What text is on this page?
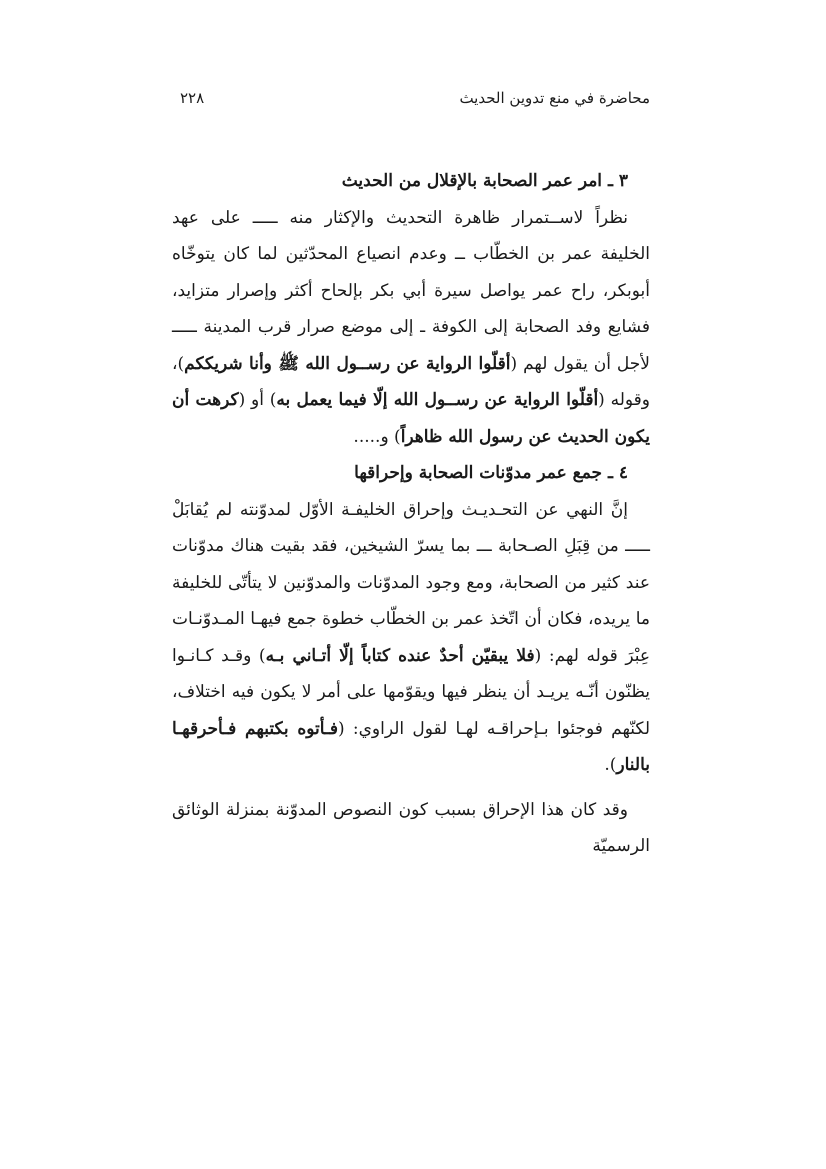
محاضرة في منع تدوين الحديث
٢٢٨
٣ ـ امر عمر الصحابة بالإقلال من الحديث

نظراً لاســتمرار ظاهرة التحديث والإكثار منه ـــــ على عهد الخليفة عمر بن الخطّاب ــ وعدم انصياع المحدّثين لما كان يتوخّاه أبوبكر، راح عمر يواصل سيرة أبي بكر بإلحاح أكثر وإصرار متزايد، فشايع وفد الصحابة إلى الكوفة ـ إلى موضع صرار قرب المدينة ـــــ لأجل أن يقول لهم (أقلّوا الرواية عن رســول الله ﷺ وأنا شريككم)، وقوله (أقلّوا الرواية عن رســول الله إلّا فيما يعمل به) أو (كرهت أن يكون الحديث عن رسول الله ظاهراً) و.....

٤ ـ جمع عمر مدوّنات الصحابة وإحراقها

إنَّ النهي عن التحـديـث وإحراق الخليفـة الأوّل لمدوّنته لم يُقابَلْ ـــــ من قِبَلِ الصـحابة ـــ بما يسرّ الشيخين، فقد بقيت هناك مدوّنات عند كثير من الصحابة، ومع وجود المدوّنات والمدوّنين لا يتأتّى للخليفة ما يريده، فكان أن اتّخذ عمر بن الخطّاب خطوة جمع فيهـا المـدوّنـات عِبْرَ قوله لهم: (فلا يبقيّن أحدٌ عنده كتاباً إلّا أتـاني بـه) وقـد كـانـوا يظنّون أنّـه يريـد أن ينظر فيها ويقوّمها على أمر لا يكون فيه اختلاف، لكنّهم فوجئوا بـإحراقـه لهـا لقول الراوي: (فـأتوه بكتبهم فـأحرقهـا بالنار).

وقد كان هذا الإحراق بسبب كون النصوص المدوّنة بمنزلة الوثائق الرسميّة
